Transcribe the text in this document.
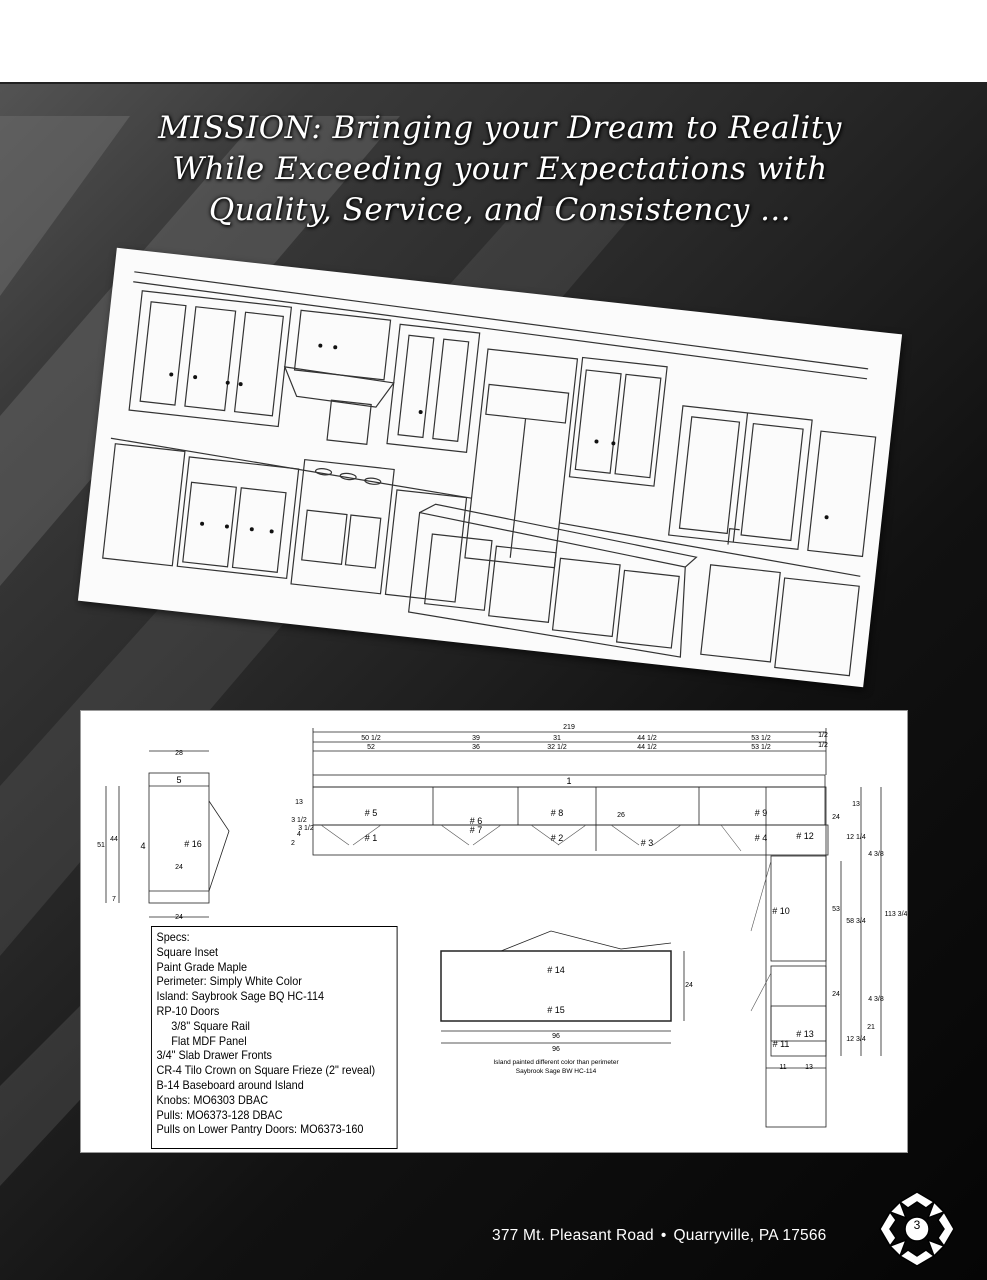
MISSION: Bringing your Dream to Reality
While Exceeding your Expectations with
Quality, Service, and Consistency ...
219
50 1/2	39	31	44 1/2	53 1/2	1/2
52	36	32 1/2	44 1/2	53 1/2	1/2
28
5
4	# 16
51
44
7
24
24
1
# 5
# 6
# 7
# 8	# 9
# 1	# 2	# 3	# 4
# 10
# 11
# 12
# 13
# 14
# 15
13
3 1/2
3 1/2
4
2
26
13
24
12 1/4
4 3/8
53
58 3/4
113 3/4
24
4 3/8
21
12 3/4
96
96
24
Island painted different color than perimeter
Saybrook Sage BW HC-114
11	13
Specs:
Square Inset
Paint Grade Maple
Perimeter: Simply White Color
Island: Saybrook Sage BQ HC-114
RP-10 Doors
3/8" Square Rail
Flat MDF Panel
3/4" Slab Drawer Fronts
CR-4 Tilo Crown on Square Frieze (2" reveal)
B-14 Baseboard around Island
Knobs: MO6303 DBAC
Pulls: MO6373-128 DBAC
Pulls on Lower Pantry Doors: MO6373-160
377 Mt. Pleasant Road • Quarryville, PA 17566
3
